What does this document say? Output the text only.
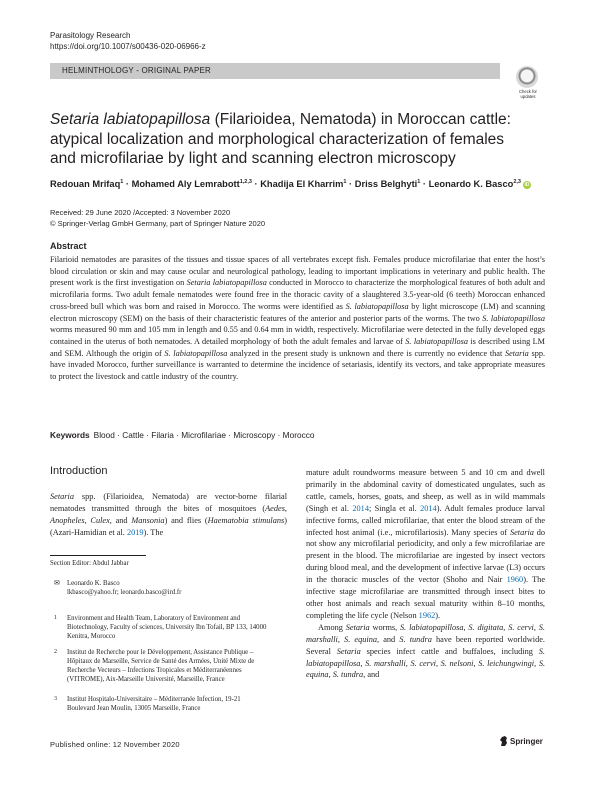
Parasitology Research
https://doi.org/10.1007/s00436-020-06966-z
HELMINTHOLOGY - ORIGINAL PAPER
Check for updates
Setaria labiatopapillosa (Filarioidea, Nematoda) in Moroccan cattle: atypical localization and morphological characterization of females and microfilariae by light and scanning electron microscopy
Redouan Mrifaq$^1$ · Mohamed Aly Lemrabott$^{1,2,3}$ · Khadija El Kharrim$^1$ · Driss Belghyti$^1$ · Leonardo K. Basco$^{2,3}$iD
Received: 29 June 2020 /Accepted: 3 November 2020
© Springer-Verlag GmbH Germany, part of Springer Nature 2020
Abstract
Filarioid nematodes are parasites of the tissues and tissue spaces of all vertebrates except fish. Females produce microfilariae that enter the host’s blood circulation or skin and may cause ocular and neurological pathology, leading to important implications in veterinary and public health. The present work is the first investigation on Setaria labiatopapillosa conducted in Morocco to characterize the morphological features of both adult and microfilaria forms. Two adult female nematodes were found free in the thoracic cavity of a slaughtered 3.5-year-old (6 teeth) Moroccan enhanced cross-breed bull which was born and raised in Morocco. The worms were identified as S. labiatopapillosa by light microscope (LM) and scanning electron microscopy (SEM) on the basis of their characteristic features of the anterior and posterior parts of the worms. The two S. labiatopapillosa worms measured 90 mm and 105 mm in length and 0.55 and 0.64 mm in width, respectively. Microfilariae were detected in the fully developed eggs contained in the uterus of both nematodes. A detailed morphology of both the adult females and larvae of S. labiatopapillosa is described using LM and SEM. Although the origin of S. labiatopapillosa analyzed in the present study is unknown and there is currently no evidence that Setaria spp. have invaded Morocco, further surveillance is warranted to determine the incidence of setariasis, identify its vectors, and take appropriate measures to protect the livestock and cattle industry of the country.
Keywords Blood · Cattle · Filaria · Microfilariae · Microscopy · Morocco
Introduction
Setaria spp. (Filarioidea, Nematoda) are vector-borne filarial nematodes transmitted through the bites of mosquitoes (Aedes, Anopheles, Culex, and Mansonia) and flies (Haematobia stimulans) (Azari-Hamidian et al. 2019). The
Section Editor: Abdul Jabbar
✉ Leonardo K. Basco
lkbasco@yahoo.fr; leonardo.basco@ird.fr
1 Environment and Health Team, Laboratory of Environment and Biotechnology, Faculty of sciences, University Ibn Tofail, BP 133, 14000 Kenitra, Morocco
2 Institut de Recherche pour le Développement, Assistance Publique – Hôpitaux de Marseille, Service de Santé des Armées, Unité Mixte de Recherche Vecteurs – Infections Tropicales et Méditerranéennes (VITROME), Aix-Marseille Université, Marseille, France
3 Institut Hospitalo-Universitaire – Méditerranée Infection, 19-21 Boulevard Jean Moulin, 13005 Marseille, France
mature adult roundworms measure between 5 and 10 cm and dwell primarily in the abdominal cavity of domesticated ungulates, such as cattle, camels, horses, goats, and sheep, as well as in wild mammals (Singh et al. 2014; Singla et al. 2014). Adult females produce larval infective forms, called microfilariae, that enter the blood stream of the infected host animal (i.e., microfilariosis). Many species of Setaria do not show any microfilarial periodicity, and only a few microfilariae are present in the blood. The microfilariae are ingested by insect vectors during blood meal, and the development of infective larvae (L3) occurs in the thoracic muscles of the vector (Shoho and Nair 1960). The infective stage microfilariae are transmitted through insect bites to other host animals and reach sexual maturity within 8–10 months, completing the life cycle (Nelson 1962).
Among Setaria worms, S. labiatopapillosa, S. digitata, S. cervi, S. marshalli, S. equina, and S. tundra have been reported worldwide. Several Setaria species infect cattle and buffaloes, including S. labiatopapillosa, S. marshalli, S. cervi, S. nelsoni, S. leichungwingi, S. equina, S. tundra, and
Published online: 12 November 2020	Springer
